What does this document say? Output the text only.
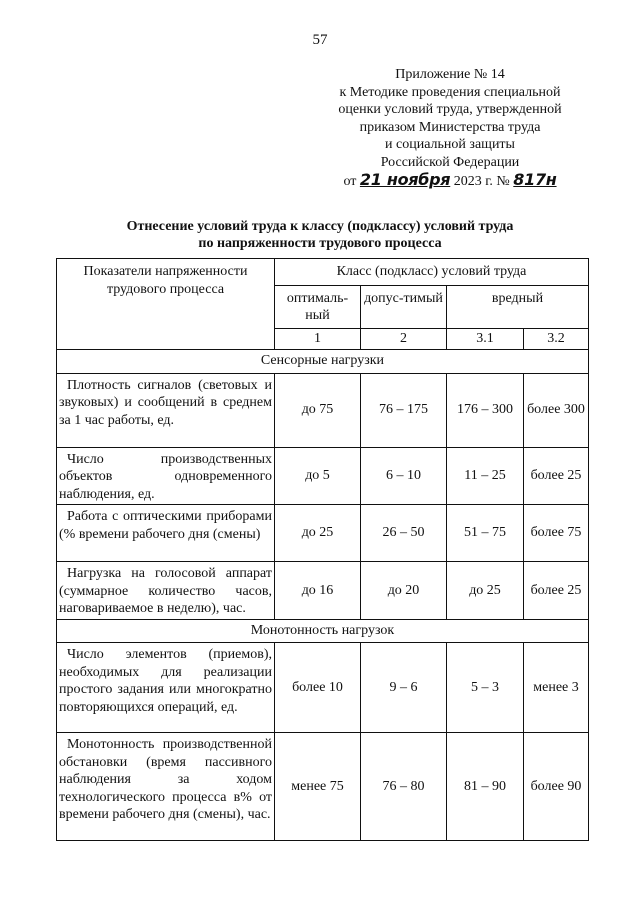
57
Приложение № 14
к Методике проведения специальной
оценки условий труда, утвержденной
приказом Министерства труда
и социальной защиты
Российской Федерации
от 21 ноября 2023 г. № 817н
Отнесение условий труда к классу (подклассу) условий труда
по напряженности трудового процесса
Показатели напряженности трудового процесса	Класс (подкласс) условий труда			
	оптималь-ный	допус-тимый	вредный	
	1	2	3.1	3.2
Сенсорные нагрузки				

Плотность сигналов (световых и звуковых) и сообщений в среднем за 1 час работы, ед.	до 75	76 – 175	176 – 300	более 300

Число производственных объектов одновременного наблюдения, ед.	до 5	6 – 10	11 – 25	более 25

Работа с оптическими приборами (% времени рабочего дня (смены)	до 25	26 – 50	51 – 75	более 75

Нагрузка на голосовой аппарат (суммарное количество часов, наговариваемое в неделю), час.	до 16	до 20	до 25	более 25
Монотонность нагрузок				

Число элементов (приемов), необходимых для реализации простого задания или многократно повторяющихся операций, ед.	более 10	9 – 6	5 – 3	менее 3

Монотонность производственной обстановки (время пассивного наблюдения за ходом технологического процесса в% от времени рабочего дня (смены), час.	менее 75	76 – 80	81 – 90	более 90
